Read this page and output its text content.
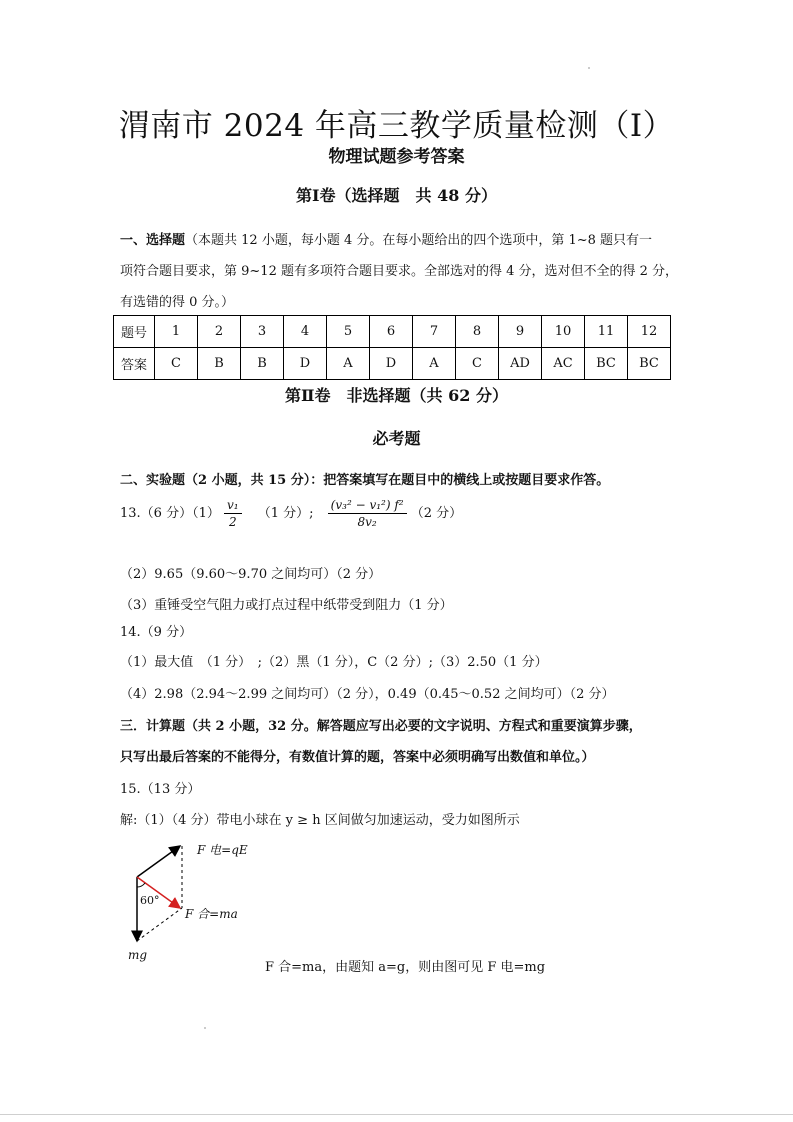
渭南市 2024 年高三教学质量检测（Ⅰ）
物理试题参考答案
第Ⅰ卷（选择题　共 48 分）
一、选择题（本题共 12 小题，每小题 4 分。在每小题给出的四个选项中，第 1~8 题只有一
项符合题目要求，第 9~12 题有多项符合题目要求。全部选对的得 4 分，选对但不全的得 2 分，
有选错的得 0 分。）
题号	1	2	3	4	5	6	7	8	9	10	11	12
答案	C	B	B	D	A	D	A	C	AD	AC	BC	BC
第Ⅱ卷　非选择题（共 62 分）
必考题
二、实验题（2 小题，共 15 分）：把答案填写在题目中的横线上或按题目要求作答。
13.（6 分）$(1) \frac{\text{v₁}}{2} (1$ 分）; $\frac{\text{(v₃² − v₁²) f²}}{\text{8v₂}} (2$ 分）
（2）9.65（9.60～9.70 之间均可）（2 分）
（3）重锤受空气阻力或打点过程中纸带受到阻力（1 分）
14.（9 分）
（1）最大值　（1 分）　;（2）黑（1 分），C（2 分）;（3）2.50（1 分）
（4）2.98（2.94～2.99 之间均可）（2 分），0.49（0.45～0.52 之间均可）（2 分）
三．计算题（共 2 小题，32 分。解答题应写出必要的文字说明、方程式和重要演算步骤，
只写出最后答案的不能得分，有数值计算的题，答案中必须明确写出数值和单位。）
15.（13 分）
解:（1）（4 分）带电小球在 y ≥ h 区间做匀加速运动，受力如图所示
F 电=qE
60°
F 合=ma
mg
F 合=ma，由题知 a=g，则由图可见 F 电=mg
